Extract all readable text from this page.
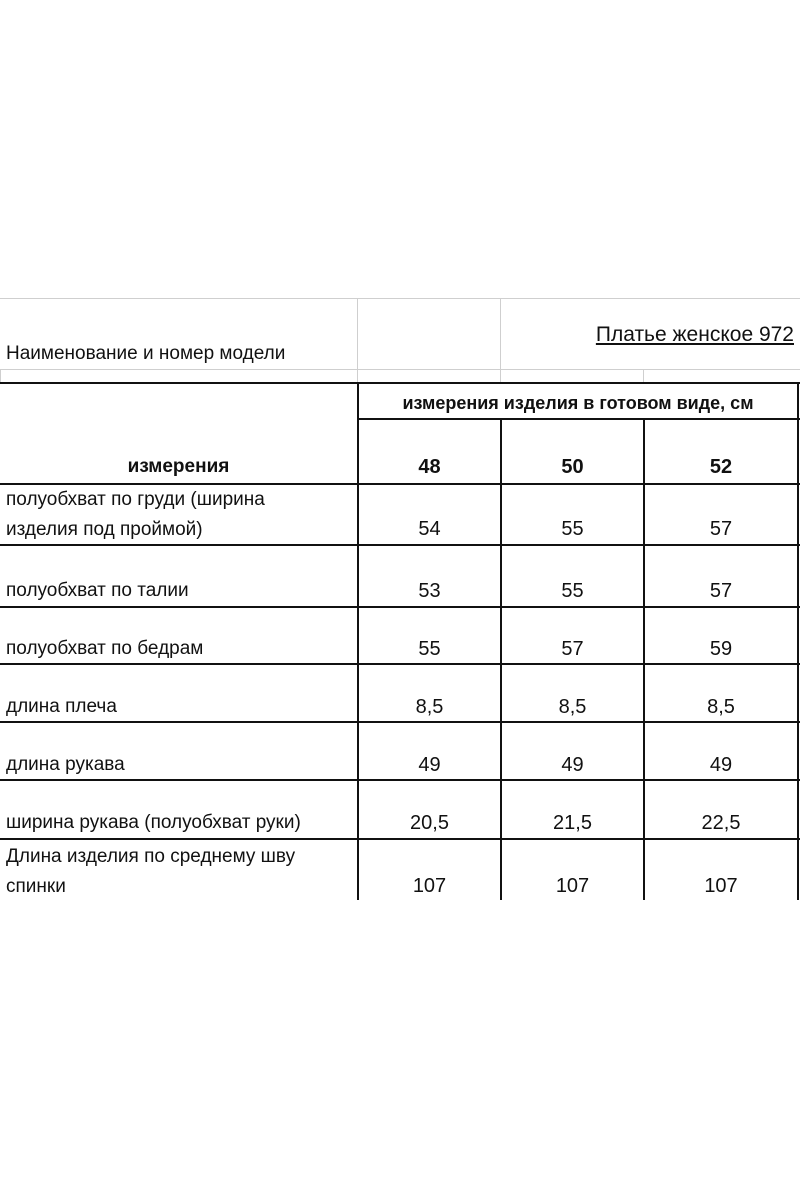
Наименование и номер модели
Платье женское 972
измерения изделия в готовом виде, см
измерения	48	50	52
полуобхват по груди (ширина изделия под проймой)	54	55	57
полуобхват по талии	53	55	57
полуобхват по бедрам	55	57	59
длина плеча	8,5	8,5	8,5
длина рукава	49	49	49
ширина рукава (полуобхват руки)	20,5	21,5	22,5
Длина изделия по среднему шву спинки	107	107	107
